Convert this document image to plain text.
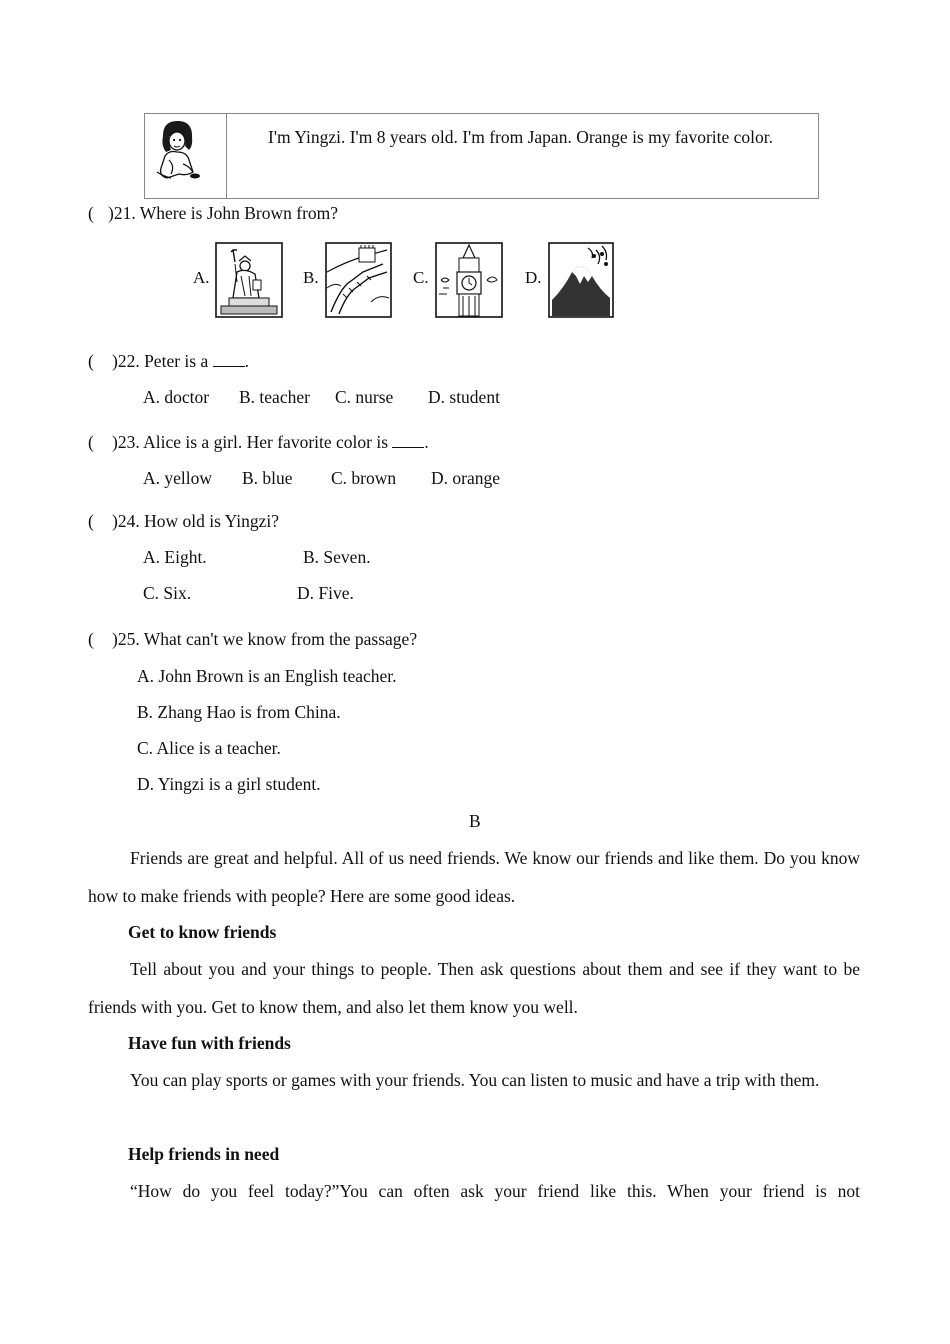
I'm Yingzi. I'm 8 years old. I'm from Japan. Orange is my favorite color.
( )21. Where is John Brown from?
A.	B.	C.	D.
( )22. Peter is a .
A. doctor B. teacher C. nurse D. student
( )23. Alice is a girl. Her favorite color is .
A. yellow B. blue C. brown D. orange
( )24. How old is Yingzi?
A. Eight.	B. Seven.
C. Six.	D. Five.
( )25. What can't we know from the passage?
A. John Brown is an English teacher.
B. Zhang Hao is from China.
C. Alice is a teacher.
D. Yingzi is a girl student.
B
Friends are great and helpful. All of us need friends. We know our friends and like them. Do you know how to make friends with people? Here are some good ideas.
Get to know friends
Tell about you and your things to people. Then ask questions about them and see if they want to be friends with you. Get to know them, and also let them know you well.
Have fun with friends
You can play sports or games with your friends. You can listen to music and have a trip with them.
Help friends in need
“How do you feel today?”You can often ask your friend like this. When your friend is not
